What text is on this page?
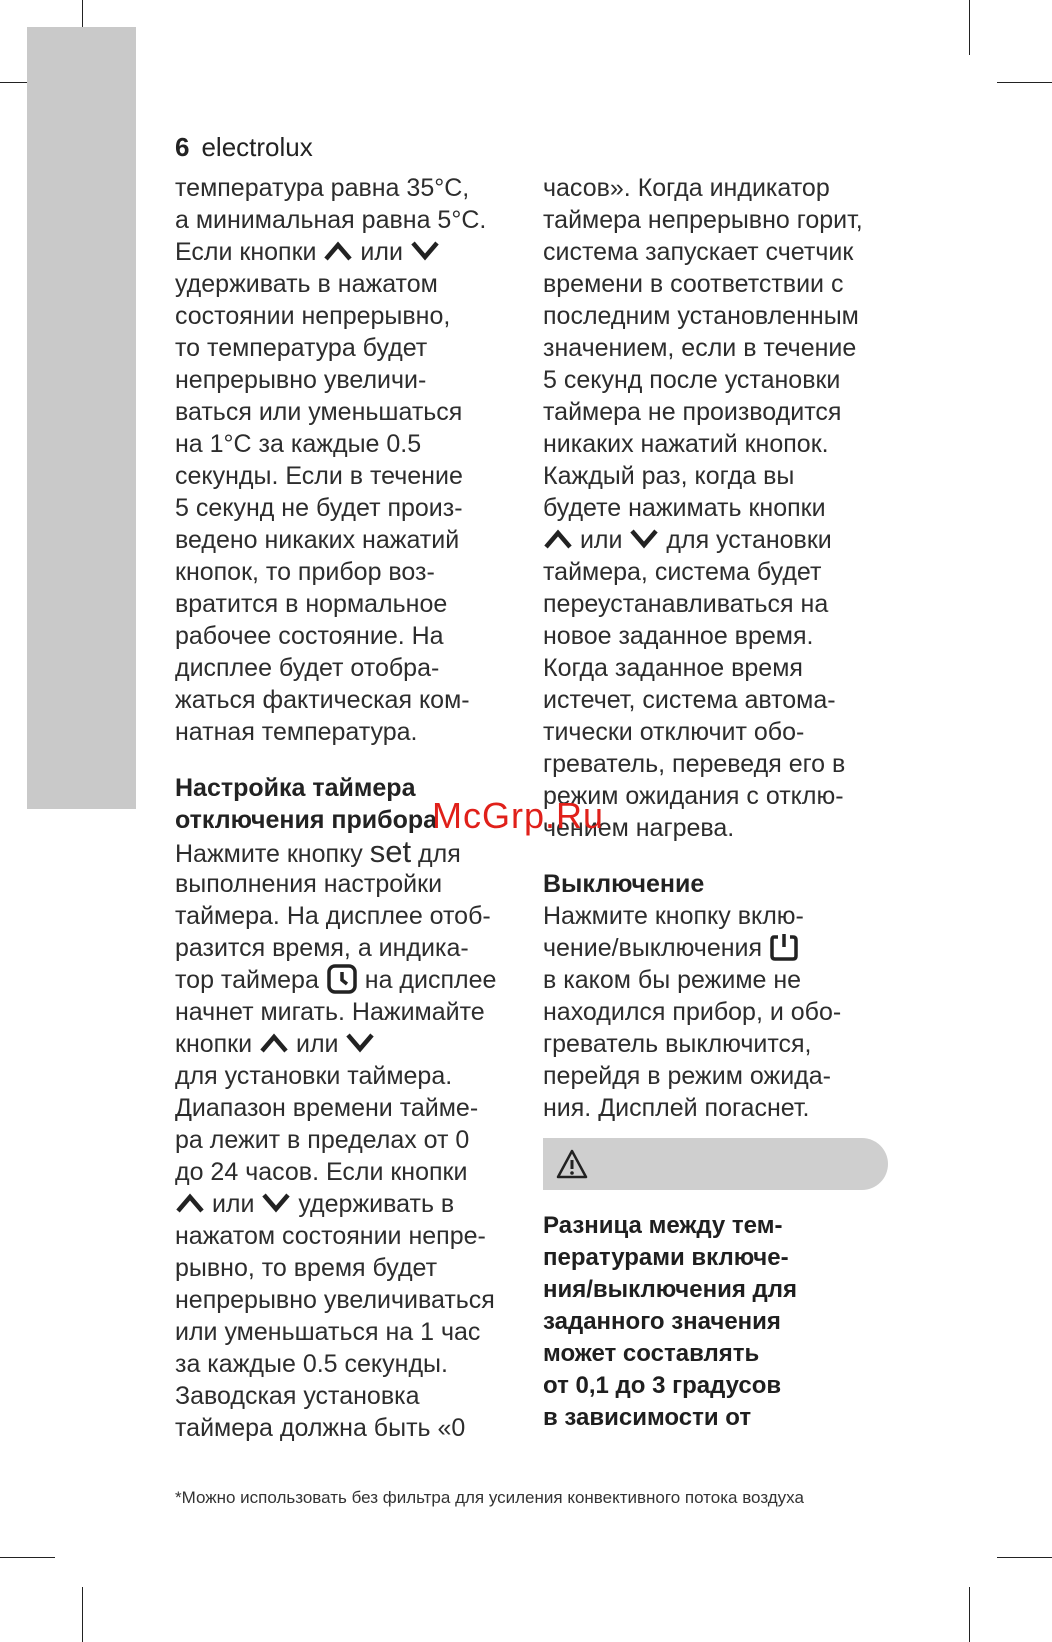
6 electrolux
температура равна 35°С,
а минимальная равна 5°С.
Если кнопки или
удерживать в нажатом
состоянии непрерывно,
то температура будет
непрерывно увеличи-
ваться или уменьшаться
на 1°С за каждые 0.5
секунды. Если в течение
5 секунд не будет произ-
ведено никаких нажатий
кнопок, то прибор воз-
вратится в нормальное
рабочее состояние. На
дисплее будет отобра-
жаться фактическая ком-
натная температура.
Настройка таймера
отключения прибора
Нажмите кнопку set для
выполнения настройки
таймера. На дисплее отоб-
разится время, а индика-
тор таймера на дисплее
начнет мигать. Нажимайте
кнопки или
для установки таймера.
Диапазон времени тайме-
ра лежит в пределах от 0
до 24 часов. Если кнопки
или удерживать в
нажатом состоянии непре-
рывно, то время будет
непрерывно увеличиваться
или уменьшаться на 1 час
за каждые 0.5 секунды.
Заводская установка
таймера должна быть «0
часов». Когда индикатор
таймера непрерывно горит,
система запускает счетчик
времени в соответствии с
последним установленным
значением, если в течение
5 секунд после установки
таймера не производится
никаких нажатий кнопок.
Каждый раз, когда вы
будете нажимать кнопки
или для установки
таймера, система будет
переустанавливаться на
новое заданное время.
Когда заданное время
истечет, система автома-
тически отключит обо-
греватель, переведя его в
режим ожидания с отклю-
чением нагрева.
Выключение
Нажмите кнопку вклю-
чение/выключения
в каком бы режиме не
находился прибор, и обо-
греватель выключится,
перейдя в режим ожида-
ния. Дисплей погаснет.
Разница между тем-
пературами включе-
ния/выключения для
заданного значения
может составлять
от 0,1 до 3 градусов
в зависимости от
McGrp.Ru
*Можно использовать без фильтра для усиления конвективного потока воздуха
